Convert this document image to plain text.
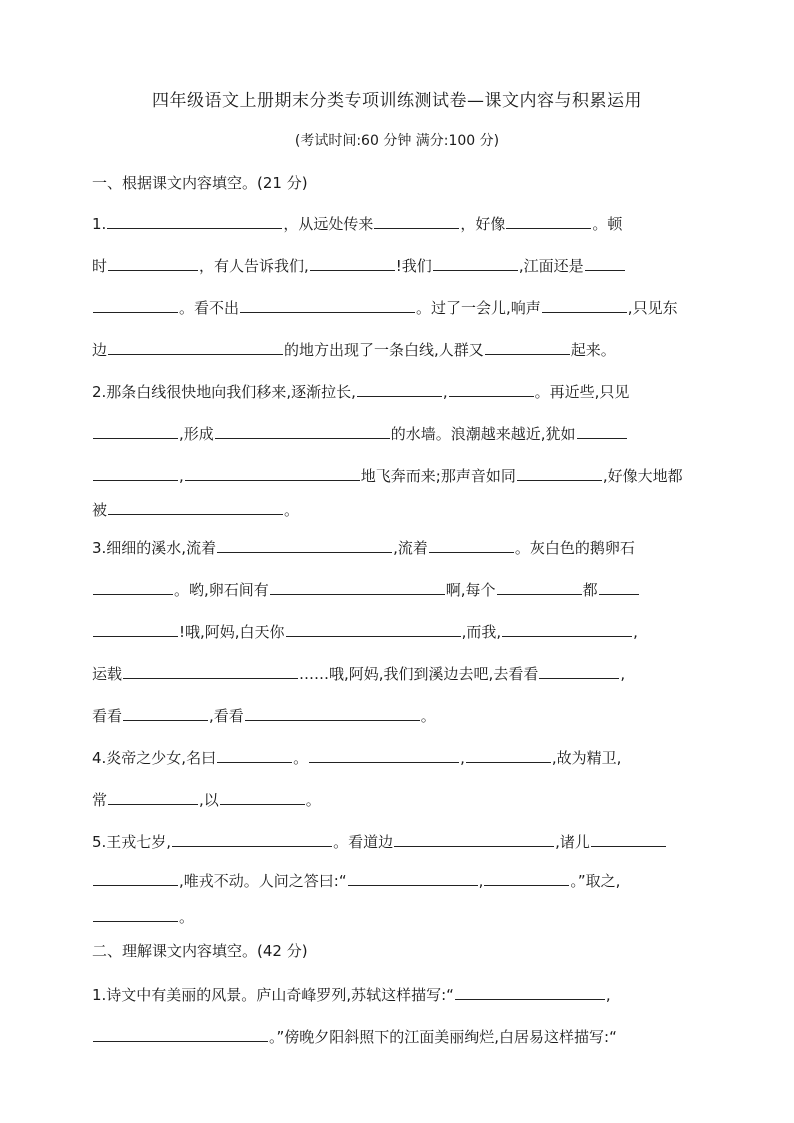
四年级语文上册期末分类专项训练测试卷—课文内容与积累运用
(考试时间:60 分钟 满分:100 分)
一、根据课文内容填空。(21 分)
1.	，从远处传来	，好像	。顿
时	，有人告诉我们,	!我们	,江面还是
。看不出	。过了一会儿,响声	,只见东
边	的地方出现了一条白线,人群又	起来。
2.那条白线很快地向我们移来,逐渐拉长,	,	。再近些,只见
,形成	的水墙。浪潮越来越近,犹如
,	地飞奔而来;那声音如同	,好像大地都
被	。
3.细细的溪水,流着	,流着	。灰白色的鹅卵石
。哟,卵石间有	啊,每个	都
!哦,阿妈,白天你	,而我,	,
运载	……哦,阿妈,我们到溪边去吧,去看看	,
看看	,看看	。
4.炎帝之少女,名曰	。	,	,故为精卫,
常	,以	。
5.王戎七岁,	。看道边	,诸儿
,唯戎不动。人问之答曰:“	,	。”取之,
。
二、理解课文内容填空。(42 分)
1.诗文中有美丽的风景。庐山奇峰罗列,苏轼这样描写:“	,
。”傍晚夕阳斜照下的江面美丽绚烂,白居易这样描写:“
